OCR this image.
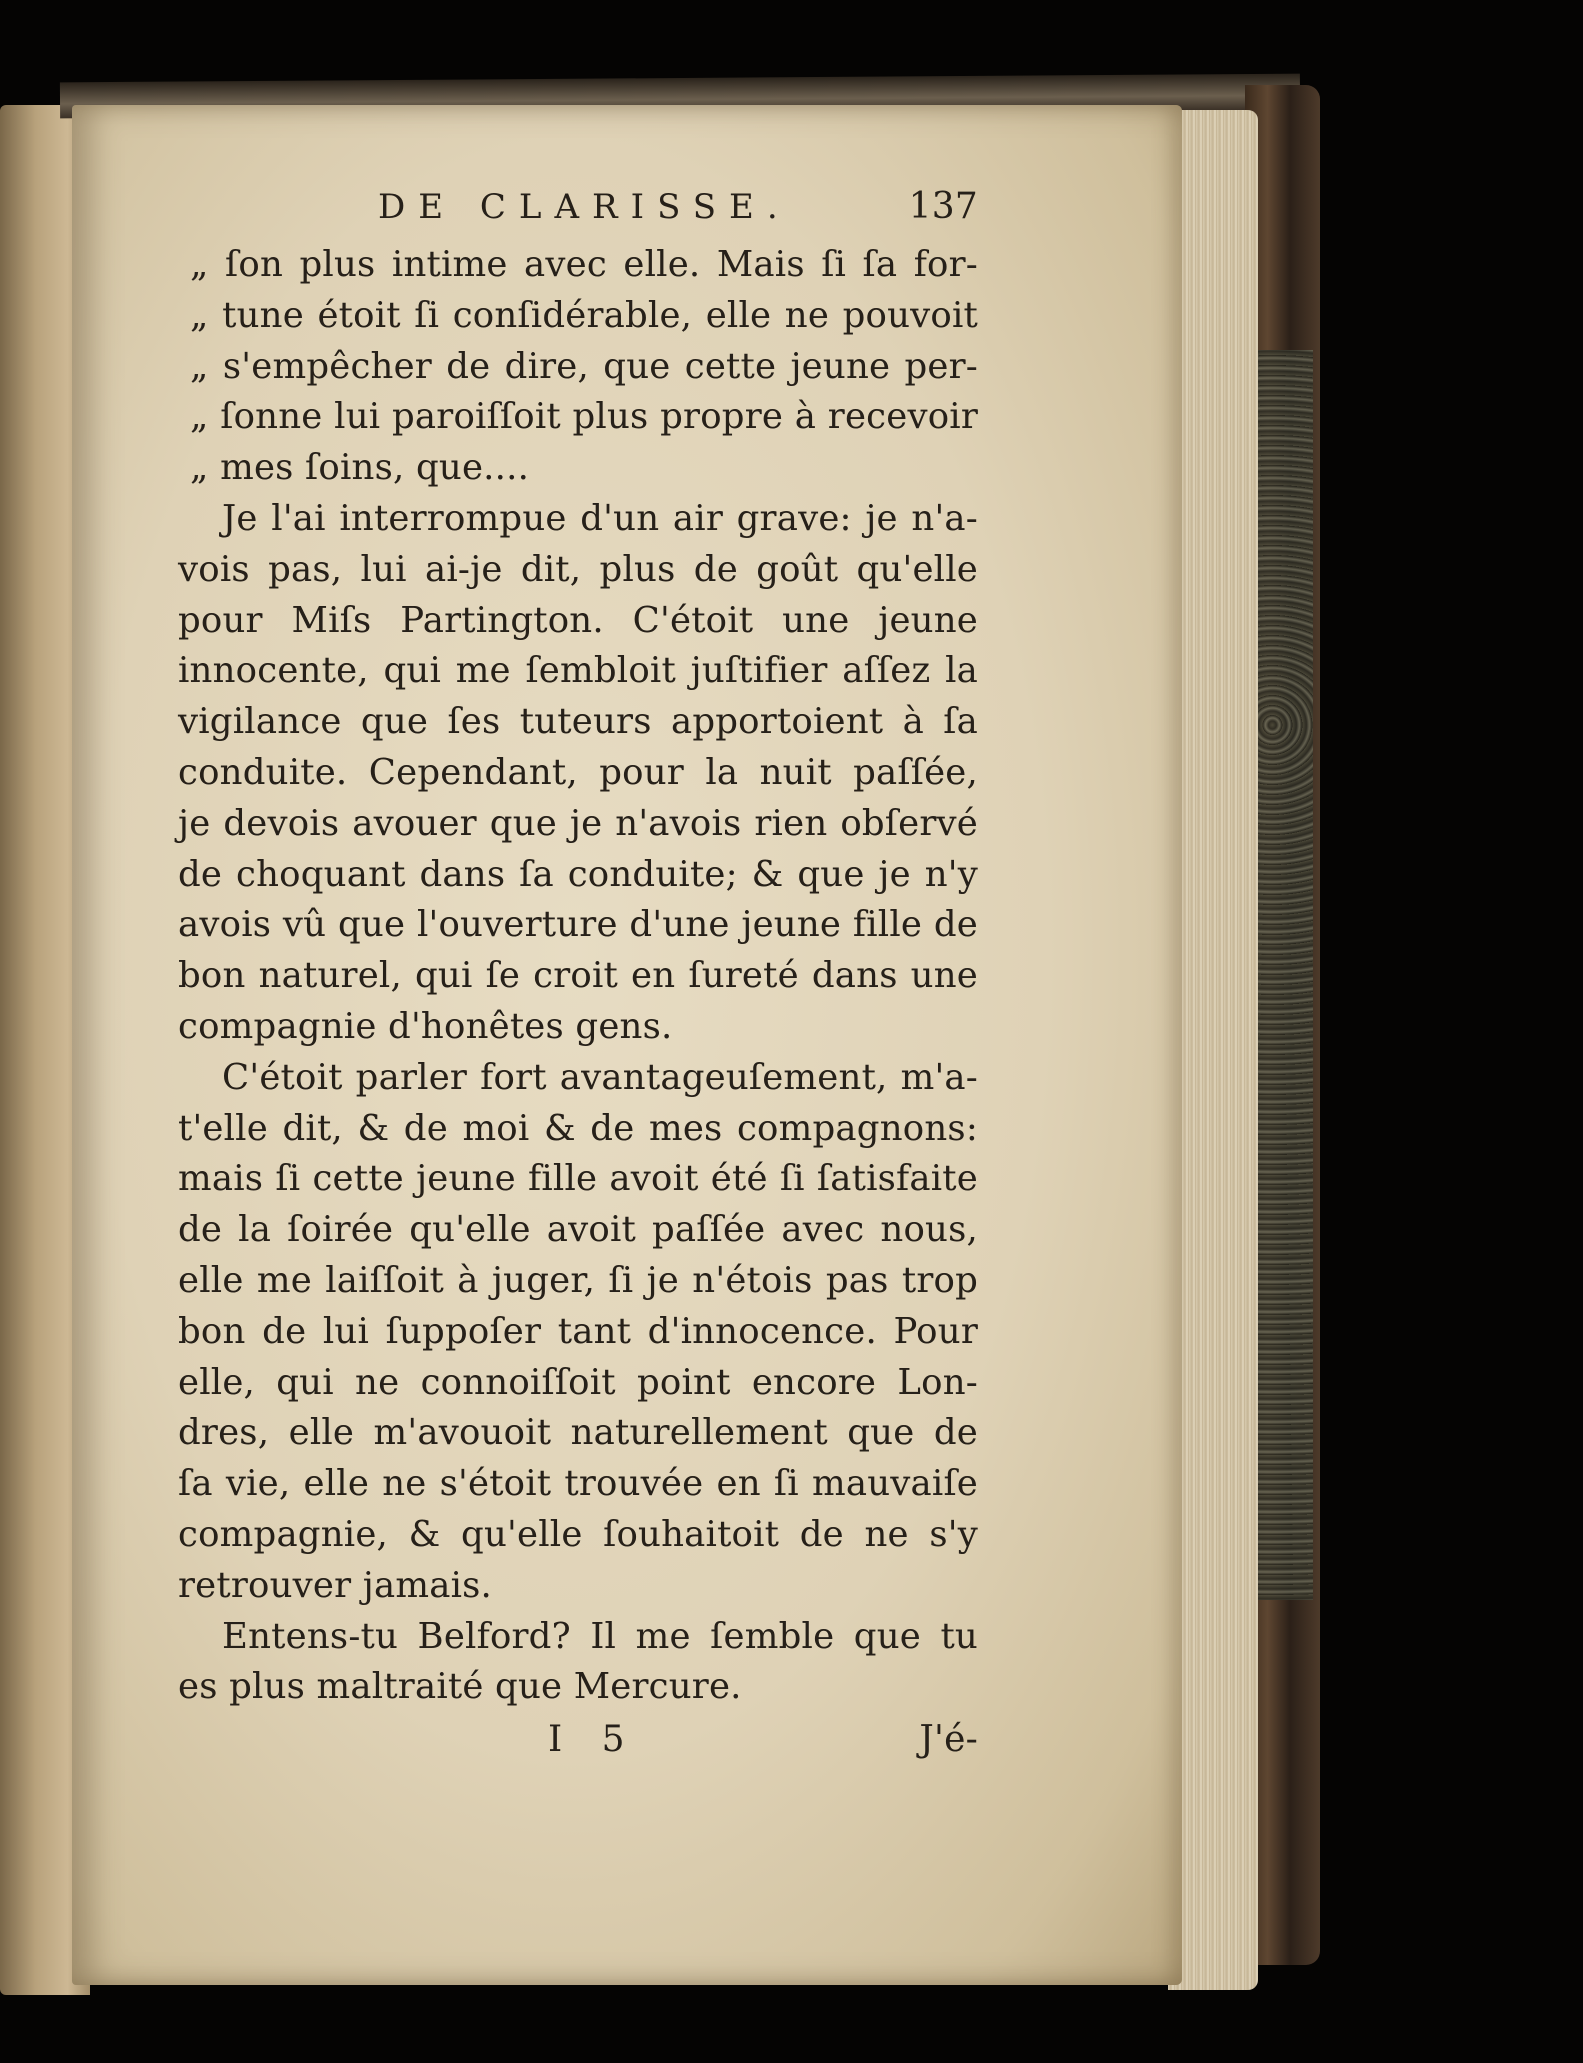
DE CLARISSE.	137
„ ſon plus intime avec elle. Mais ſi ſa for-
„ tune étoit ſi conſidérable, elle ne pouvoit
„ s'empêcher de dire, que cette jeune per-
„ ſonne lui paroiſſoit plus propre à recevoir
„ mes ſoins, que....
Je l'ai interrompue d'un air grave: je n'a-
vois pas, lui ai-je dit, plus de goût qu'elle
pour Miſs Partington. C'étoit une jeune
innocente, qui me ſembloit juſtifier aſſez la
vigilance que ſes tuteurs apportoient à ſa
conduite. Cependant, pour la nuit paſſée,
je devois avouer que je n'avois rien obſervé
de choquant dans ſa conduite; & que je n'y
avois vû que l'ouverture d'une jeune fille de
bon naturel, qui ſe croit en ſureté dans une
compagnie d'honêtes gens.
C'étoit parler fort avantageuſement, m'a-
t'elle dit, & de moi & de mes compagnons:
mais ſi cette jeune fille avoit été ſi ſatisfaite
de la ſoirée qu'elle avoit paſſée avec nous,
elle me laiſſoit à juger, ſi je n'étois pas trop
bon de lui ſuppoſer tant d'innocence. Pour
elle, qui ne connoiſſoit point encore Lon-
dres, elle m'avouoit naturellement que de
ſa vie, elle ne s'étoit trouvée en ſi mauvaiſe
compagnie, & qu'elle ſouhaitoit de ne s'y
retrouver jamais.
Entens-tu Belford? Il me ſemble que tu
es plus maltraité que Mercure.
I 5	J'é-
